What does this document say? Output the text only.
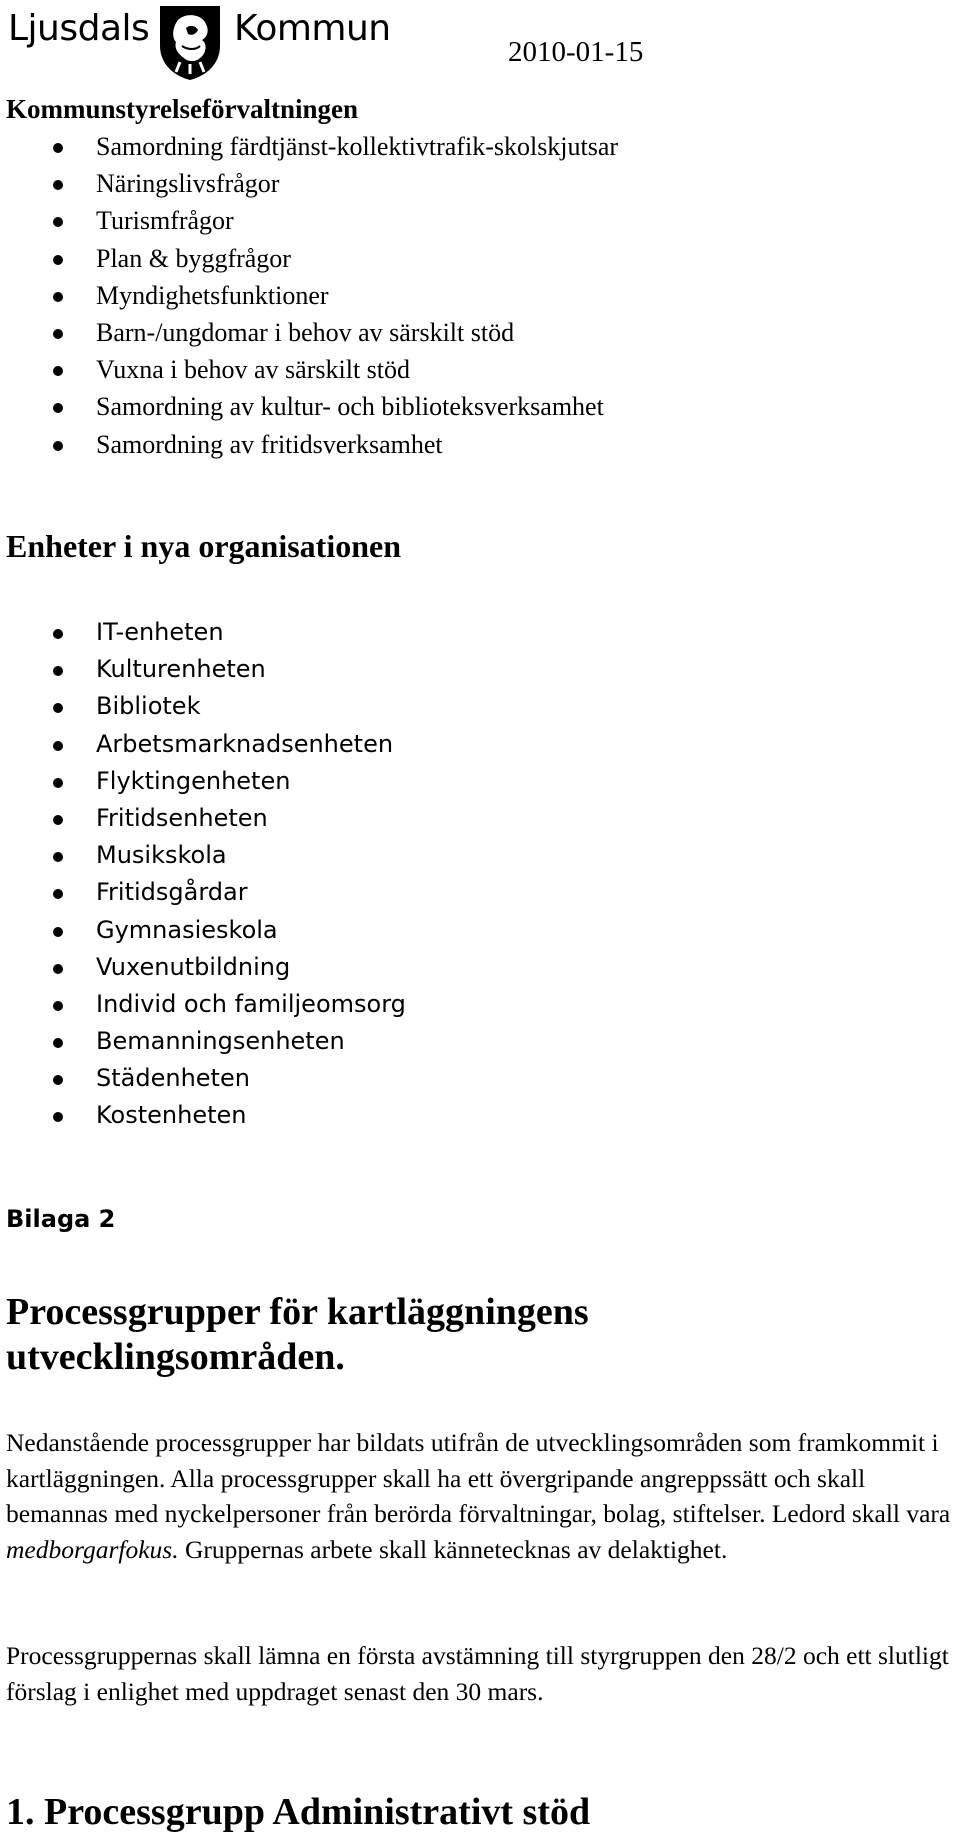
Ljusdals Kommun
2010-01-15
Kommunstyrelseförvaltningen
Samordning färdtjänst-kollektivtrafik-skolskjutsar
Näringslivsfrågor
Turismfrågor
Plan & byggfrågor
Myndighetsfunktioner
Barn-/ungdomar i behov av särskilt stöd
Vuxna i behov av särskilt stöd
Samordning av kultur- och biblioteksverksamhet
Samordning av fritidsverksamhet
Enheter i nya organisationen
IT-enheten
Kulturenheten
Bibliotek
Arbetsmarknadsenheten
Flyktingenheten
Fritidsenheten
Musikskola
Fritidsgårdar
Gymnasieskola
Vuxenutbildning
Individ och familjeomsorg
Bemanningsenheten
Städenheten
Kostenheten
Bilaga 2
Processgrupper för kartläggningens utvecklingsområden.

Nedanstående processgrupper har bildats utifrån de utvecklingsområden som framkommit i kartläggningen. Alla processgrupper skall ha ett övergripande angreppssätt och skall bemannas med nyckelpersoner från berörda förvaltningar, bolag, stiftelser. Ledord skall vara medborgarfokus. Gruppernas arbete skall kännetecknas av delaktighet.

Processgruppernas skall lämna en första avstämning till styrgruppen den 28/2 och ett slutligt förslag i enlighet med uppdraget senast den 30 mars.

1. Processgrupp Administrativt stöd
